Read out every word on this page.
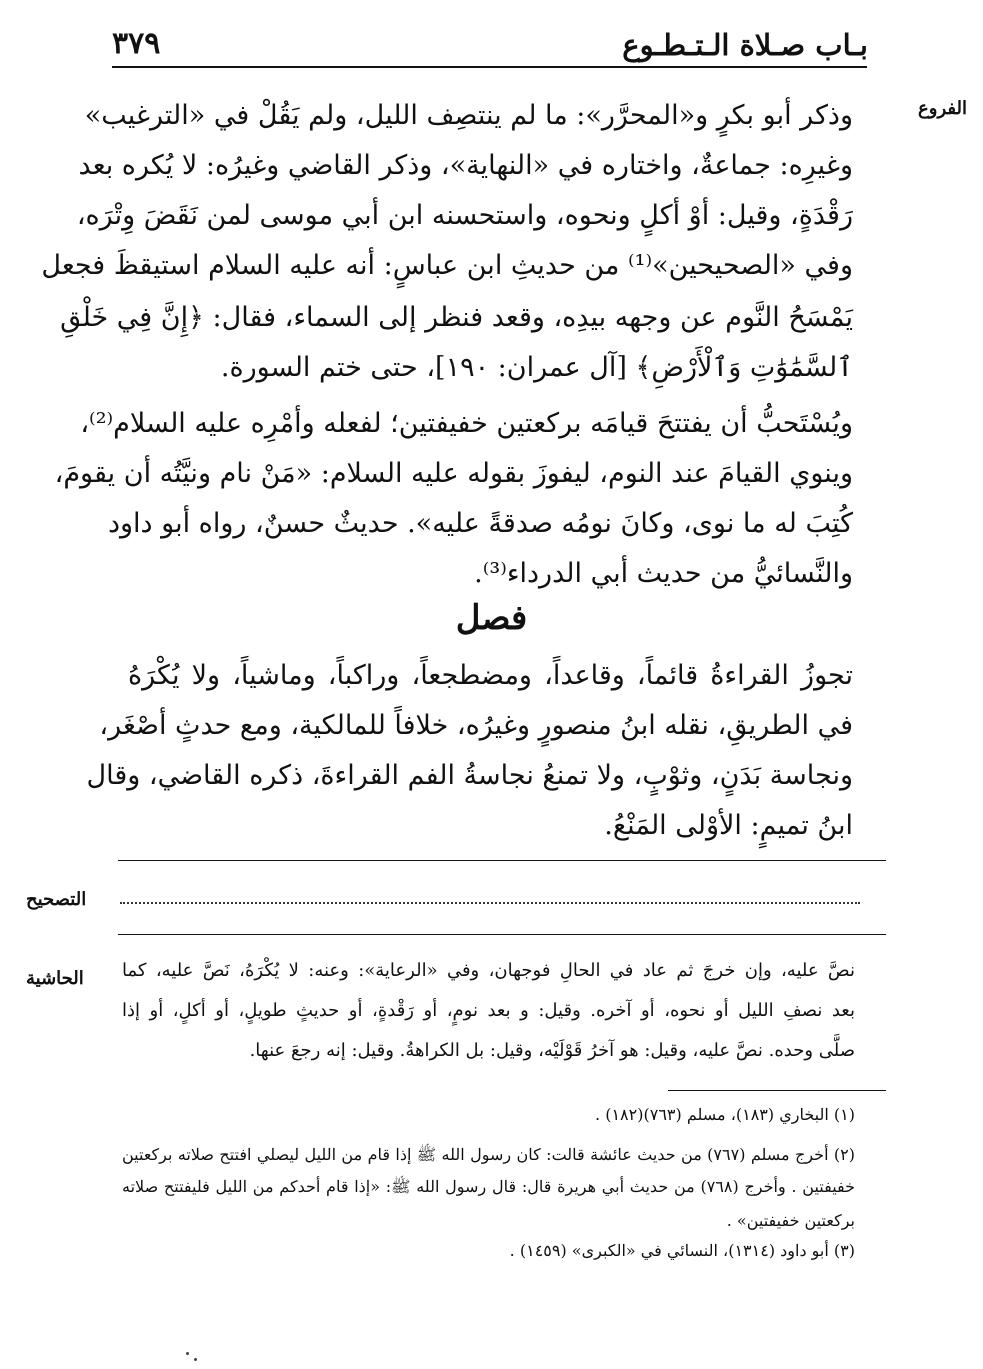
بـاب صـلاة الـتـطـوع
٣٧٩
الفروع
وذكر أبو بكرٍ و«المحرَّر»: ما لم ينتصِف الليل، ولم يَقُلْ في «الترغيب»
وغيرِه: جماعةٌ، واختاره في «النهاية»، وذكر القاضي وغيرُه: لا يُكره بعد
رَقْدَةٍ، وقيل: أوْ أكلٍ ونحوه، واستحسنه ابن أبي موسى لمن نَقَضَ وِتْرَه،
وفي «الصحيحين»⁽¹⁾ من حديثِ ابن عباسٍ: أنه عليه السلام استيقظَ فجعل
يَمْسَحُ النَّوم عن وجهه بيدِه، وقعد فنظر إلى السماء، فقال: ﴿إِنَّ فِي خَلْقِ
ٱلسَّمَٰوَٰتِ وَٱلْأَرْضِ﴾ [آل عمران: ١٩٠]، حتى ختم السورة.
ويُسْتَحبُّ أن يفتتحَ قيامَه بركعتين خفيفتين؛ لفعله وأمْرِه عليه السلام⁽²⁾،
وينوي القيامَ عند النوم، ليفوزَ بقوله عليه السلام: «مَنْ نام ونيَّتُه أن يقومَ،
كُتِبَ له ما نوى، وكانَ نومُه صدقةً عليه». حديثٌ حسنٌ، رواه أبو داود
والنَّسائيُّ من حديث أبي الدرداء⁽³⁾.
فصل
تجوزُ القراءةُ قائماً، وقاعداً، ومضطجعاً، وراكباً، وماشياً، ولا يُكْرَهُ
في الطريقِ، نقله ابنُ منصورٍ وغيرُه، خلافاً للمالكية، ومع حدثٍ أصْغَر،
ونجاسة بَدَنٍ، وثوْبٍ، ولا تمنعُ نجاسةُ الفم القراءةَ، ذكره القاضي، وقال
ابنُ تميمٍ: الأوْلى المَنْعُ.
التصحيح
الحاشية نصَّ عليه، وإن خرجَ ثم عاد في الحالِ فوجهان، وفي «الرعاية»: وعنه: لا يُكْرَهُ، نَصَّ عليه، كما
بعد نصفِ الليل أو نحوه، أو آخره. وقيل: و بعد نومٍ، أو رَقْدةٍ، أو حديثٍ طويلٍ، أو أكلٍ، أو إذا
صلَّى وحده. نصَّ عليه، وقيل: هو آخرُ قَوْلَيْه، وقيل: بل الكراهةُ. وقيل: إنه رجعَ عنها.
(١) البخاري (١٨٣)، مسلم (٧٦٣)(١٨٢) .
(٢) أخرج مسلم (٧٦٧) من حديث عائشة قالت: كان رسول الله ﷺ إذا قام من الليل ليصلي افتتح صلاته بركعتين
خفيفتين . وأخرج (٧٦٨) من حديث أبي هريرة قال: قال رسول الله ﷺ: «إذا قام أحدكم من الليل فليفتتح صلاته
بركعتين خفيفتين» .
(٣) أبو داود (١٣١٤)، النسائي في «الكبرى» (١٤٥٩) .
